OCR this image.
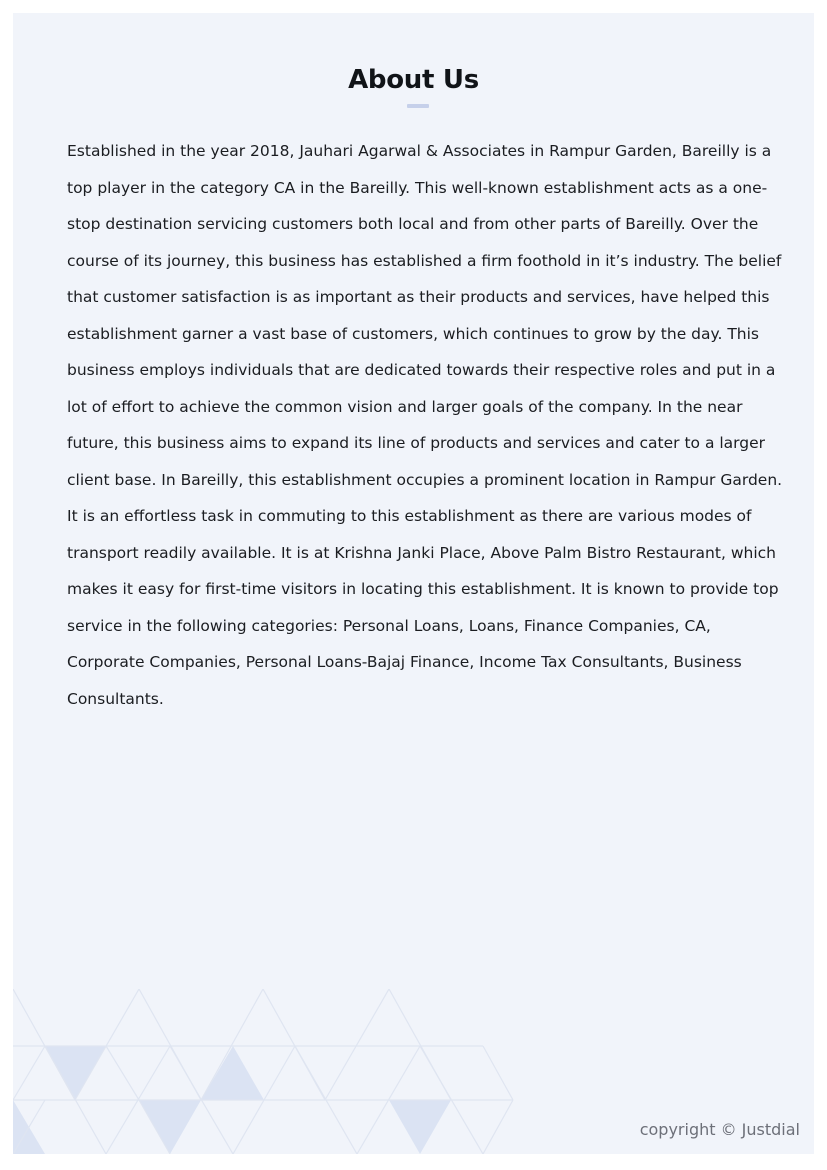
About Us

Established in the year 2018, Jauhari Agarwal & Associates in Rampur Garden, Bareilly is a top player in the category CA in the Bareilly. This well-known establishment acts as a one-stop destination servicing customers both local and from other parts of Bareilly. Over the course of its journey, this business has established a firm foothold in it’s industry. The belief that customer satisfaction is as important as their products and services, have helped this establishment garner a vast base of customers, which continues to grow by the day. This business employs individuals that are dedicated towards their respective roles and put in a lot of effort to achieve the common vision and larger goals of the company. In the near future, this business aims to expand its line of products and services and cater to a larger client base. In Bareilly, this establishment occupies a prominent location in Rampur Garden. It is an effortless task in commuting to this establishment as there are various modes of transport readily available. It is at Krishna Janki Place, Above Palm Bistro Restaurant, which makes it easy for first-time visitors in locating this establishment. It is known to provide top service in the following categories: Personal Loans, Loans, Finance Companies, CA, Corporate Companies, Personal Loans-Bajaj Finance, Income Tax Consultants, Business Consultants.

copyright © Justdial
